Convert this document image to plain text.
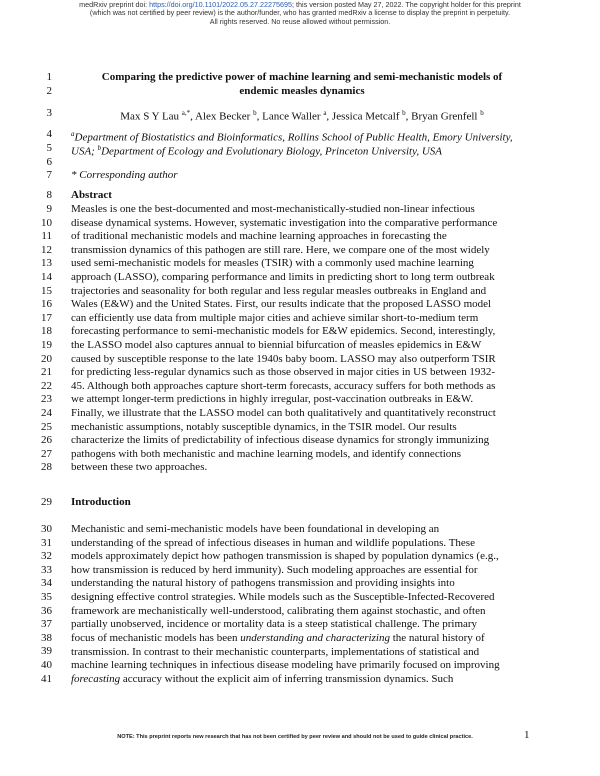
medRxiv preprint doi: https://doi.org/10.1101/2022.05.27.22275695; this version posted May 27, 2022. The copyright holder for this preprint
(which was not certified by peer review) is the author/funder, who has granted medRxiv a license to display the preprint in perpetuity.
All rights reserved. No reuse allowed without permission.
1
2
3
4
5
6
7
8
9
10
11
12
13
14
15
16
17
18
19
20
21
22
23
24
25
26
27
28
29
30
31
32
33
34
35
36
37
38
39
40
41
Comparing the predictive power of machine learning and semi-mechanistic models of
endemic measles dynamics
Max S Y Lau $^{a,*}$, Alex Becker $^b$, Lance Waller $^a$, Jessica Metcalf $^b$, Bryan Grenfell $^b$
$^a$Department of Biostatistics and Bioinformatics, Rollins School of Public Health, Emory University,
USA; $^b$Department of Ecology and Evolutionary Biology, Princeton University, USA
* Corresponding author
Abstract
Measles is one the best-documented and most-mechanistically-studied non-linear infectious
disease dynamical systems. However, systematic investigation into the comparative performance
of traditional mechanistic models and machine learning approaches in forecasting the
transmission dynamics of this pathogen are still rare. Here, we compare one of the most widely
used semi-mechanistic models for measles (TSIR) with a commonly used machine learning
approach (LASSO), comparing performance and limits in predicting short to long term outbreak
trajectories and seasonality for both regular and less regular measles outbreaks in England and
Wales (E&W) and the United States. First, our results indicate that the proposed LASSO model
can efficiently use data from multiple major cities and achieve similar short-to-medium term
forecasting performance to semi-mechanistic models for E&W epidemics. Second, interestingly,
the LASSO model also captures annual to biennial bifurcation of measles epidemics in E&W
caused by susceptible response to the late 1940s baby boom. LASSO may also outperform TSIR
for predicting less-regular dynamics such as those observed in major cities in US between 1932-
45. Although both approaches capture short-term forecasts, accuracy suffers for both methods as
we attempt longer-term predictions in highly irregular, post-vaccination outbreaks in E&W.
Finally, we illustrate that the LASSO model can both qualitatively and quantitatively reconstruct
mechanistic assumptions, notably susceptible dynamics, in the TSIR model. Our results
characterize the limits of predictability of infectious disease dynamics for strongly immunizing
pathogens with both mechanistic and machine learning models, and identify connections
between these two approaches.
Introduction
Mechanistic and semi-mechanistic models have been foundational in developing an
understanding of the spread of infectious diseases in human and wildlife populations. These
models approximately depict how pathogen transmission is shaped by population dynamics (e.g.,
how transmission is reduced by herd immunity). Such modeling approaches are essential for
understanding the natural history of pathogens transmission and providing insights into
designing effective control strategies. While models such as the Susceptible-Infected-Recovered
framework are mechanistically well-understood, calibrating them against stochastic, and often
partially unobserved, incidence or mortality data is a steep statistical challenge. The primary
focus of mechanistic models has been understanding and characterizing the natural history of
transmission. In contrast to their mechanistic counterparts, implementations of statistical and
machine learning techniques in infectious disease modeling have primarily focused on improving
forecasting accuracy without the explicit aim of inferring transmission dynamics. Such
NOTE: This preprint reports new research that has not been certified by peer review and should not be used to guide clinical practice.	1
